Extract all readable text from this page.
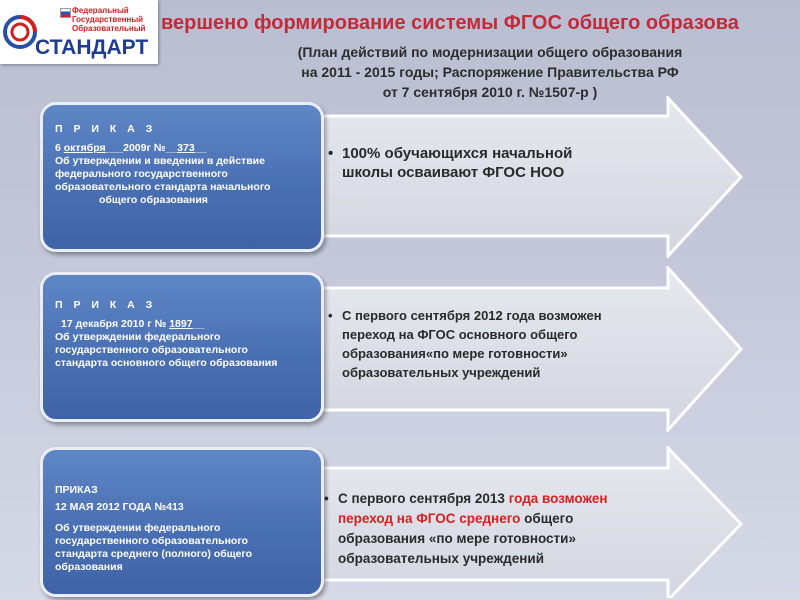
Федеральный
Государственный
Образовательный
СТАНДАРТ
вершено формирование системы ФГОС общего образова
(План действий по модернизации общего образования
на 2011 - 2015 годы; Распоряжение Правительства РФ
от 7 сентября 2010 г. №1507-р )
П Р И К А З
6 октября___2009г №__373__
Об утверждении и введении в действие
федерального государственного
образовательного стандарта начального
общего образования
П Р И К А З
17 декабря 2010 г № 1897__
Об утверждении федерального
государственного образовательного
стандарта основного общего образования
ПРИКАЗ
12 МАЯ 2012 ГОДА №413
Об утверждении федерального
государственного образовательного
стандарта среднего (полного) общего
образования
• 100% обучающихся начальной
школы осваивают ФГОС НОО
• С первого сентября 2012 года возможен
переход на ФГОС основного общего
образования«по мере готовности»
образовательных учреждений
• С первого сентября 2013 года возможен
переход на ФГОС среднего общего
образования «по мере готовности»
образовательных учреждений
